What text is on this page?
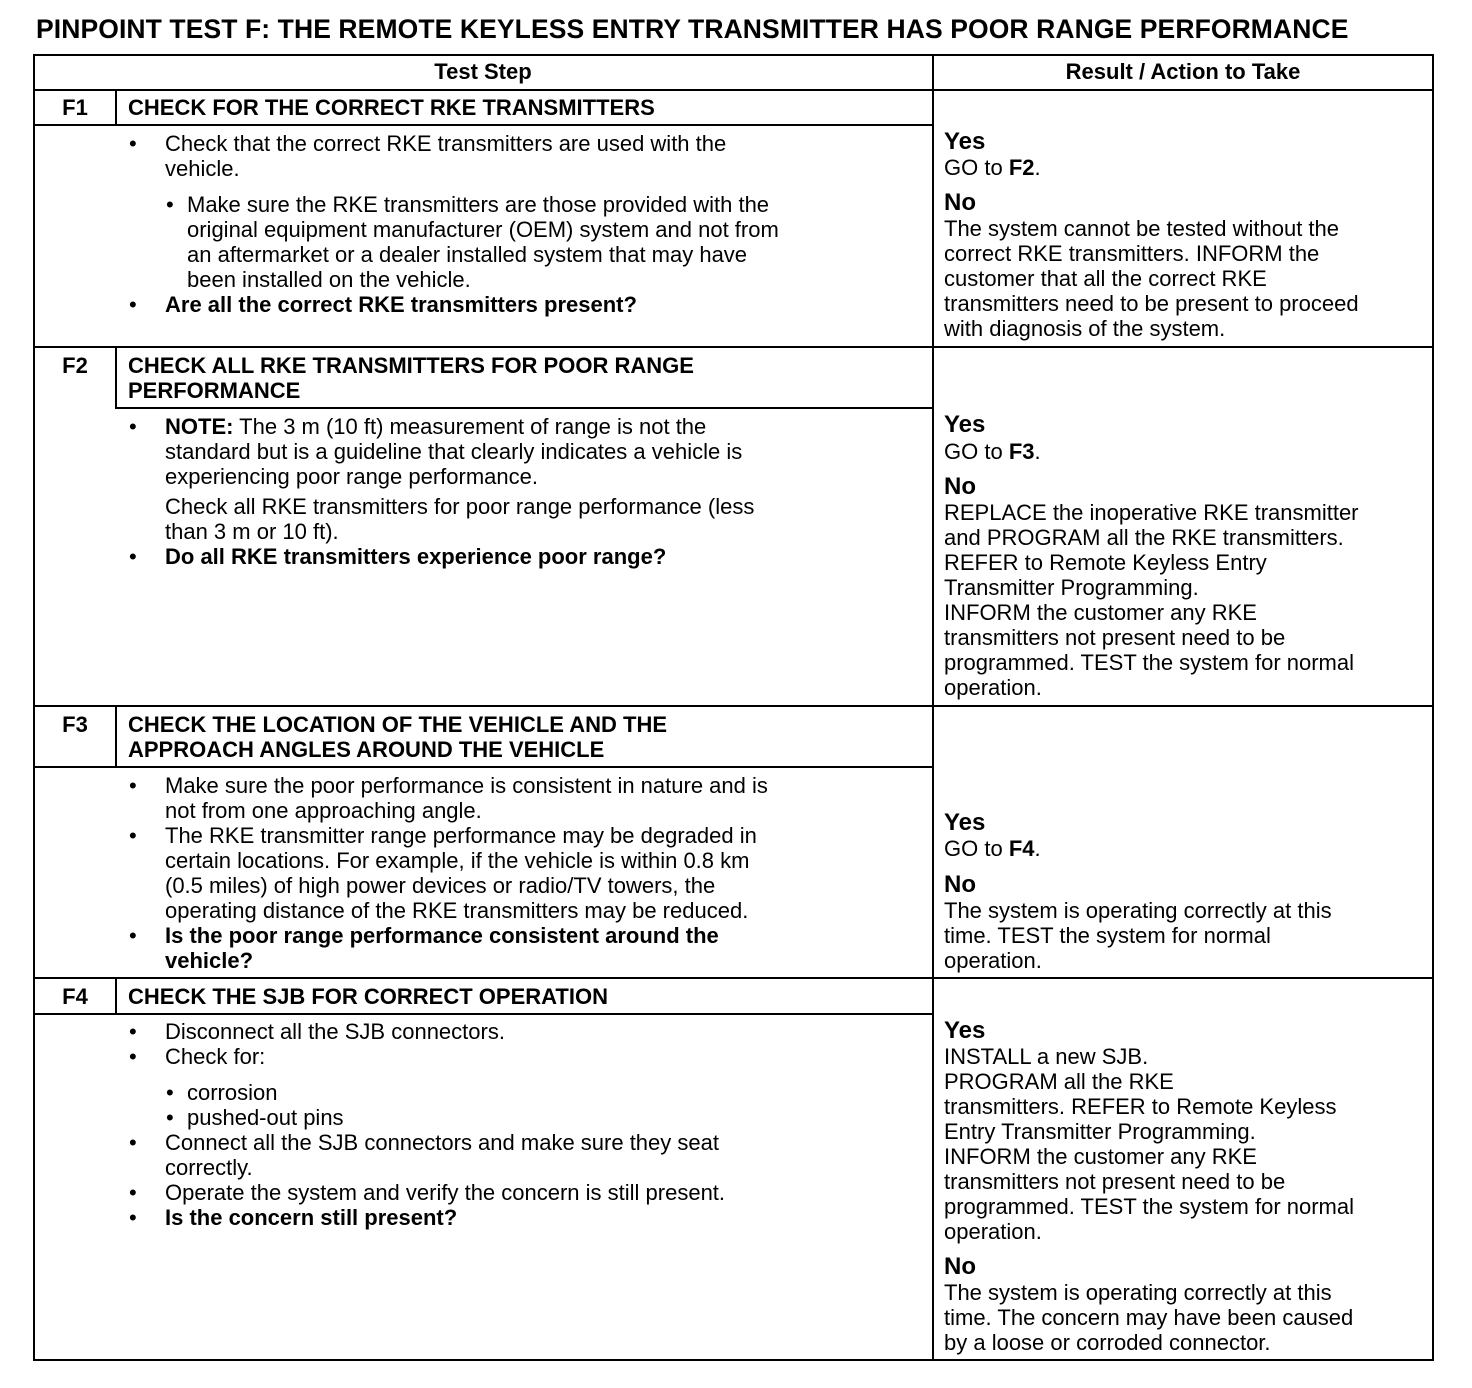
PINPOINT TEST F: THE REMOTE KEYLESS ENTRY TRANSMITTER HAS POOR RANGE PERFORMANCE
Test Step	Result / Action to Take
F1	CHECK FOR THE CORRECT RKE TRANSMITTERS
• Check that the correct RKE transmitters are used with the
vehicle.
• Make sure the RKE transmitters are those provided with the
original equipment manufacturer (OEM) system and not from
an aftermarket or a dealer installed system that may have
been installed on the vehicle.
• Are all the correct RKE transmitters present?
Yes
GO to F2.
No
The system cannot be tested without the
correct RKE transmitters. INFORM the
customer that all the correct RKE
transmitters need to be present to proceed
with diagnosis of the system.
F2	CHECK ALL RKE TRANSMITTERS FOR POOR RANGE
PERFORMANCE
• NOTE: The 3 m (10 ft) measurement of range is not the
standard but is a guideline that clearly indicates a vehicle is
experiencing poor range performance.
Check all RKE transmitters for poor range performance (less
than 3 m or 10 ft).
• Do all RKE transmitters experience poor range?
Yes
GO to F3.
No
REPLACE the inoperative RKE transmitter
and PROGRAM all the RKE transmitters.
REFER to Remote Keyless Entry
Transmitter Programming.
INFORM the customer any RKE
transmitters not present need to be
programmed. TEST the system for normal
operation.
F3	CHECK THE LOCATION OF THE VEHICLE AND THE
APPROACH ANGLES AROUND THE VEHICLE
• Make sure the poor performance is consistent in nature and is
not from one approaching angle.
• The RKE transmitter range performance may be degraded in
certain locations. For example, if the vehicle is within 0.8 km
(0.5 miles) of high power devices or radio/TV towers, the
operating distance of the RKE transmitters may be reduced.
• Is the poor range performance consistent around the
vehicle?
Yes
GO to F4.
No
The system is operating correctly at this
time. TEST the system for normal
operation.
F4	CHECK THE SJB FOR CORRECT OPERATION
• Disconnect all the SJB connectors.
• Check for:
• corrosion
• pushed-out pins
• Connect all the SJB connectors and make sure they seat
correctly.
• Operate the system and verify the concern is still present.
• Is the concern still present?
Yes
INSTALL a new SJB.
PROGRAM all the RKE
transmitters. REFER to Remote Keyless
Entry Transmitter Programming.
INFORM the customer any RKE
transmitters not present need to be
programmed. TEST the system for normal
operation.
No
The system is operating correctly at this
time. The concern may have been caused
by a loose or corroded connector.
